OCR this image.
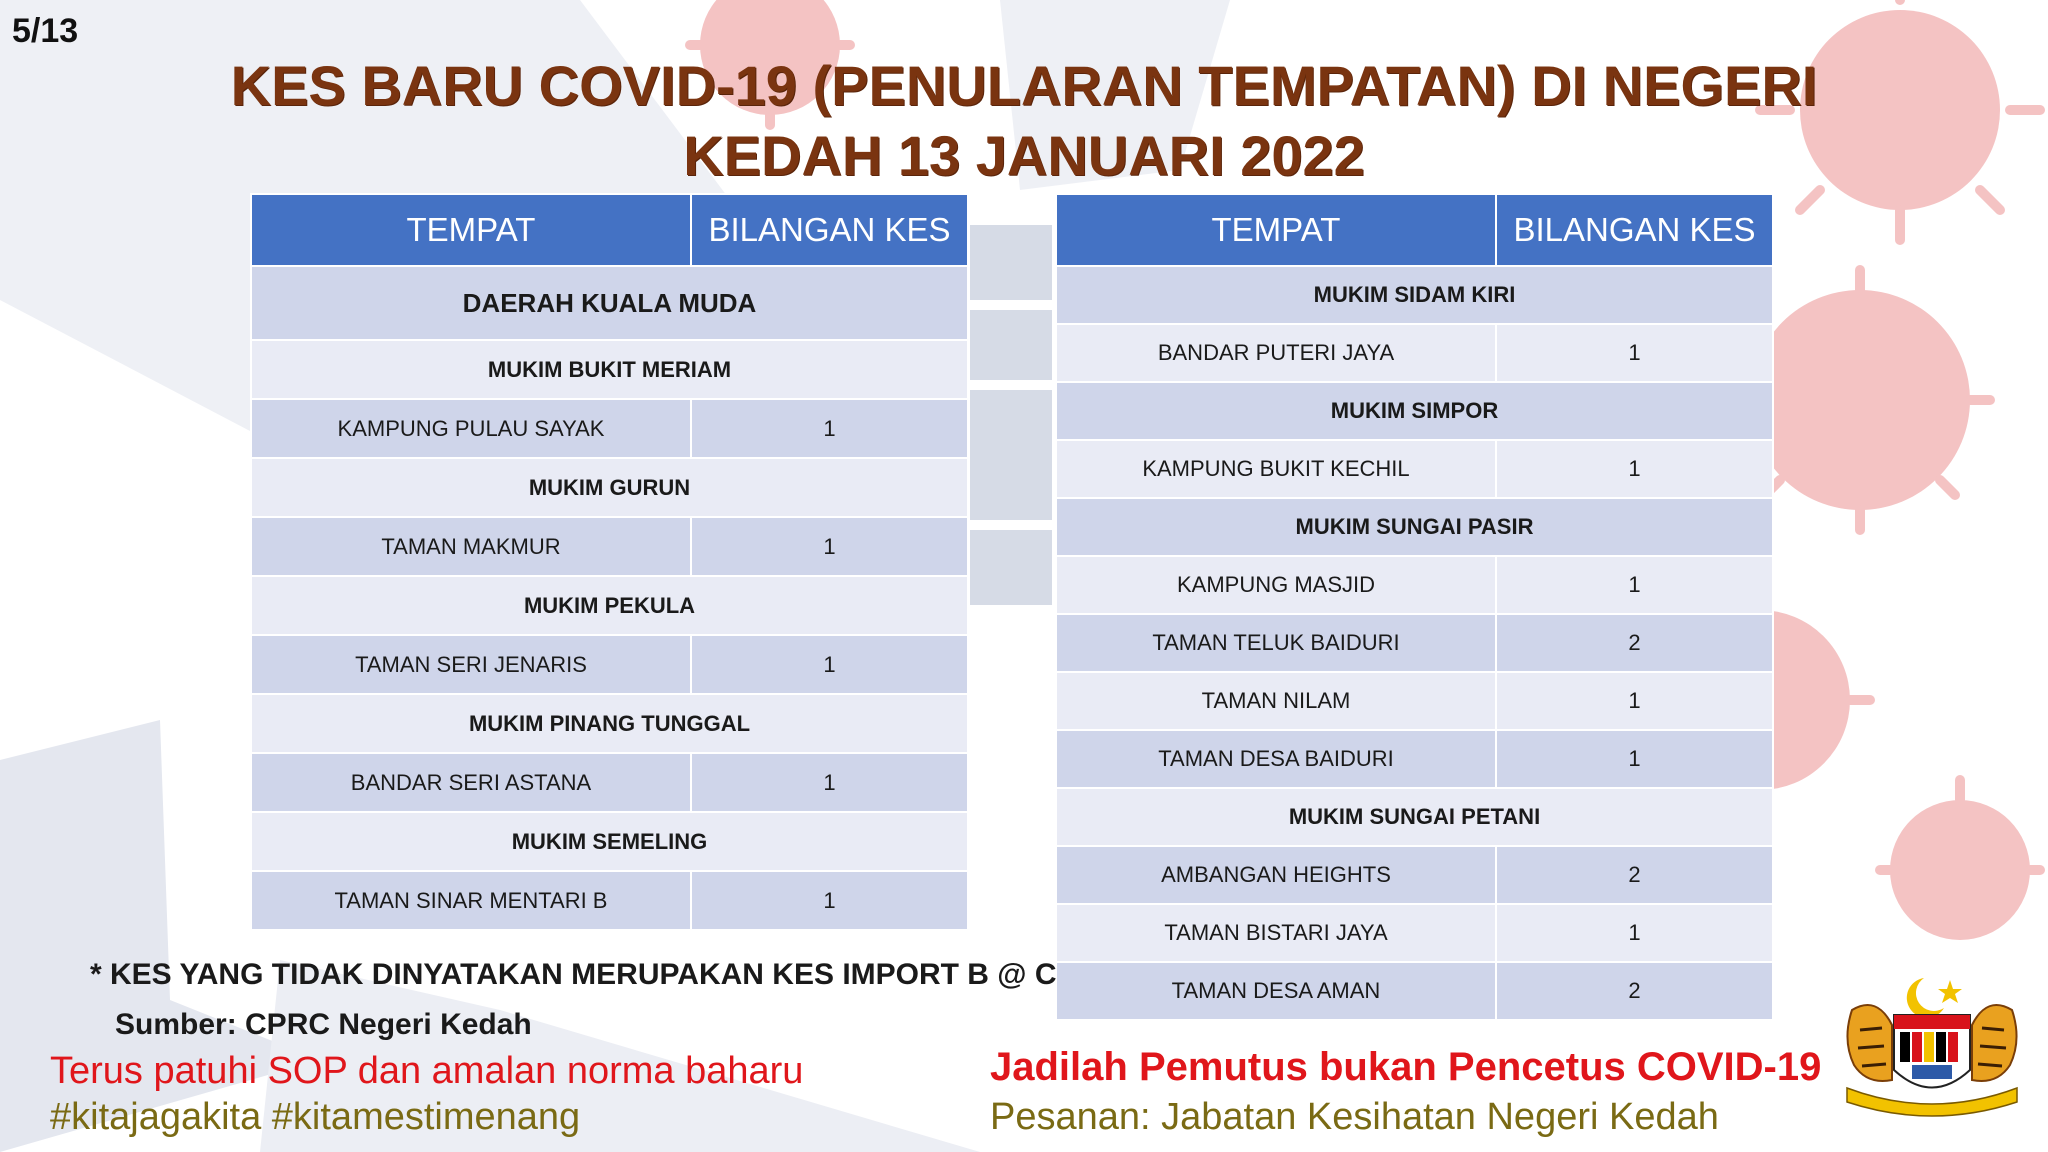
5/13
KES BARU COVID-19 (PENULARAN TEMPATAN) DI NEGERI
KEDAH 13 JANUARI 2022
TEMPAT	BILANGAN KES
DAERAH KUALA MUDA	
MUKIM BUKIT MERIAM	
KAMPUNG PULAU SAYAK	1
MUKIM GURUN	
TAMAN MAKMUR	1
MUKIM PEKULA	
TAMAN SERI JENARIS	1
MUKIM PINANG TUNGGAL	
BANDAR SERI ASTANA	1
MUKIM SEMELING	
TAMAN SINAR MENTARI B	1
TEMPAT	BILANGAN KES
MUKIM SIDAM KIRI	
BANDAR PUTERI JAYA	1
MUKIM SIMPOR	
KAMPUNG BUKIT KECHIL	1
MUKIM SUNGAI PASIR	
KAMPUNG MASJID	1
TAMAN TELUK BAIDURI	2
TAMAN NILAM	1
TAMAN DESA BAIDURI	1
MUKIM SUNGAI PETANI	
AMBANGAN HEIGHTS	2
TAMAN BISTARI JAYA	1
TAMAN DESA AMAN	2
* KES YANG TIDAK DINYATAKAN MERUPAKAN KES IMPORT B @ C
Sumber: CPRC Negeri Kedah
Terus patuhi SOP dan amalan norma baharu	Jadilah Pemutus bukan Pencetus COVID-19
#kitajagakita #kitamestimenang	Pesanan: Jabatan Kesihatan Negeri Kedah
